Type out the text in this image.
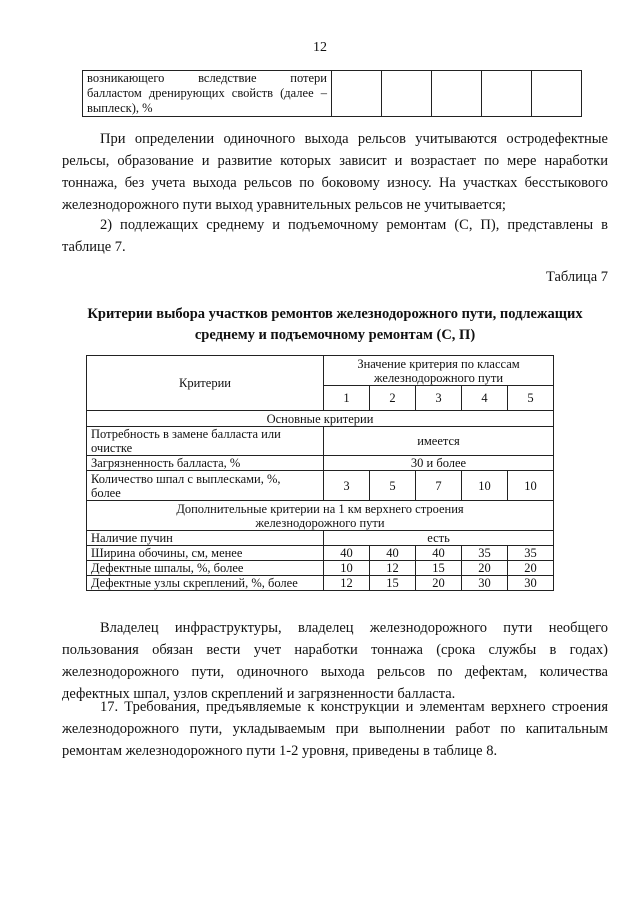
12
возникающего вследствие потери
балластом дренирующих свойств (далее –
выплеск), %					
При определении одиночного выхода рельсов учитываются остродефектные
рельсы, образование и развитие которых зависит и возрастает по мере наработки
тоннажа, без учета выхода рельсов по боковому износу. На участках бесстыкового
железнодорожного пути выход уравнительных рельсов не учитывается;
2) подлежащих среднему и подъемочному ремонтам (С, П), представлены в
таблице 7.
Таблица 7
Критерии выбора участков ремонтов железнодорожного пути, подлежащих
среднему и подъемочному ремонтам (С, П)
Критерии	Значение критерия по классам
железнодорожного пути				

	1	2	3	4	5
Основные критерии					

Потребность в замене балласта или
очистке	имеется				
Загрязненность балласта, %	30 и более				

Количество шпал с выплесками, %,
более	3	5	7	10	10

Дополнительные критерии на 1 км верхнего строения
железнодорожного пути					

Наличие пучин	есть				
Ширина обочины, см, менее	40	40	40	35	35
Дефектные шпалы, %, более	10	12	15	20	20
Дефектные узлы скреплений, %, более	12	15	20	30	30
Владелец инфраструктуры, владелец железнодорожного пути необщего
пользования обязан вести учет наработки тоннажа (срока службы в годах)
железнодорожного пути, одиночного выхода рельсов по дефектам, количества
дефектных шпал, узлов скреплений и загрязненности балласта.
17. Требования, предъявляемые к конструкции и элементам верхнего строения
железнодорожного пути, укладываемым при выполнении работ по капитальным
ремонтам железнодорожного пути 1-2 уровня, приведены в таблице 8.
